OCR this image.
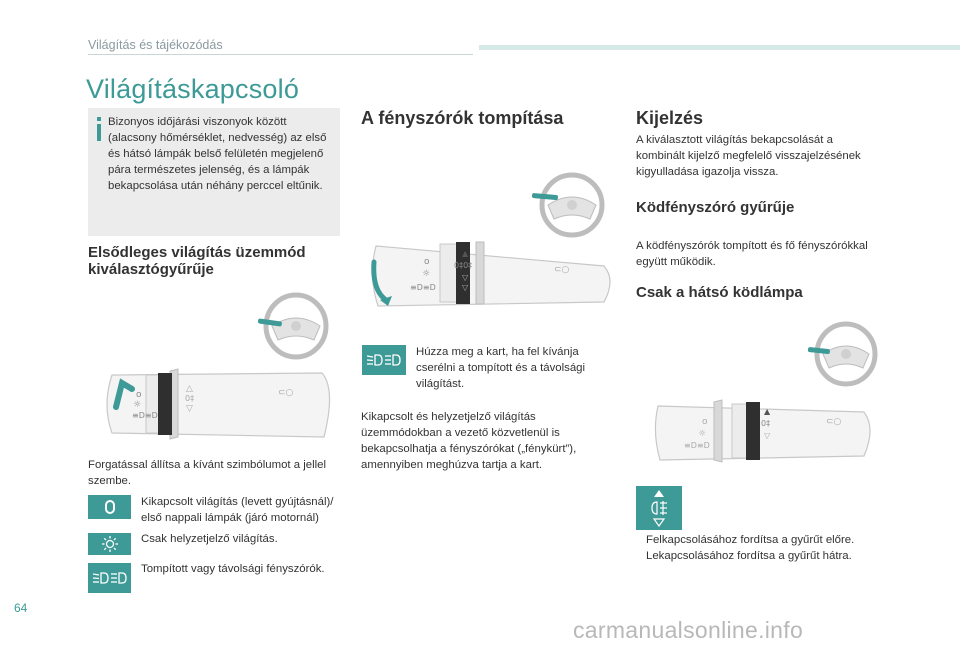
Világítás és tájékozódás
Világításkapcsoló
Bizonyos időjárási viszonyok között (alacsony hőmérséklet, nedvesség) az első és hátsó lámpák belső felületén megjelenő pára természetes jelenség, és a lámpák bekapcsolása után néhány perccel eltűnik.
Elsődleges világítás üzemmód kiválasztógyűrűje
o
☼
≡D≡D
△
0‡
▽
⊂○
Forgatással állítsa a kívánt szimbólumot a jellel szembe.
Kikapcsolt világítás (levett gyújtásnál)/ első nappali lámpák (járó motornál)
Csak helyzetjelző világítás.
Tompított vagy távolsági fényszórók.
A fényszórók tompítása
o
☼
≡D≡D
▲
0‡0‡
▽
▽
⊂○
Húzza meg a kart, ha fel kívánja cserélni a tompított és a távolsági világítást.
Kikapcsolt és helyzetjelző világítás üzemmódokban a vezető közvetlenül is bekapcsolhatja a fényszórókat („fénykürt”), amennyiben meghúzva tartja a kart.
Kijelzés
A kiválasztott világítás bekapcsolását a kombinált kijelző megfelelő visszajelzésének kigyulladása igazolja vissza.
Ködfényszóró gyűrűje
A ködfényszórók tompított és fő fényszórókkal együtt működik.
Csak a hátsó ködlámpa
o
☼
≡D≡D
▲
0‡
▽
⊂○
Felkapcsolásához fordítsa a gyűrűt előre.
Lekapcsolásához fordítsa a gyűrűt hátra.
64
carmanualsonline.info
